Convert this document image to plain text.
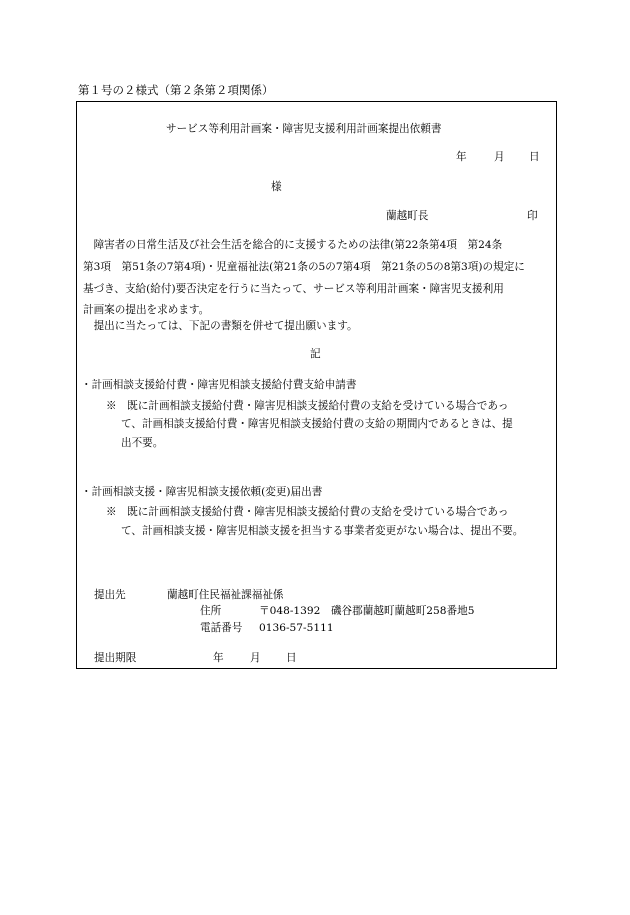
第１号の２様式（第２条第２項関係）
サービス等利用計画案・障害児支援利用計画案提出依頼書
年	月 日
様
蘭越町長	印
　障害者の日常生活及び社会生活を総合的に支援するための法律(第22条第4項　第24条
第3項　第51条の7第4項)・児童福祉法(第21条の5の7第4項　第21条の5の8第3項)の規定に
基づき、支給(給付)要否決定を行うに当たって、サービス等利用計画案・障害児支援利用
計画案の提出を求めます。
　提出に当たっては、下記の書類を併せて提出願います。
記
・計画相談支援給付費・障害児相談支援給付費支給申請書
※　既に計画相談支援給付費・障害児相談支援給付費の支給を受けている場合であっ
て、計画相談支援給付費・障害児相談支援給付費の支給の期間内であるときは、提
出不要。
・計画相談支援・障害児相談支援依頼(変更)届出書
※　既に計画相談支援給付費・障害児相談支援給付費の支給を受けている場合であっ
て、計画相談支援・障害児相談支援を担当する事業者変更がない場合は、提出不要。
提出先	蘭越町住民福祉課福祉係
住所	〒048-1392　磯谷郡蘭越町蘭越町258番地5
電話番号 0136-57-5111
提出期限	年 月 日
